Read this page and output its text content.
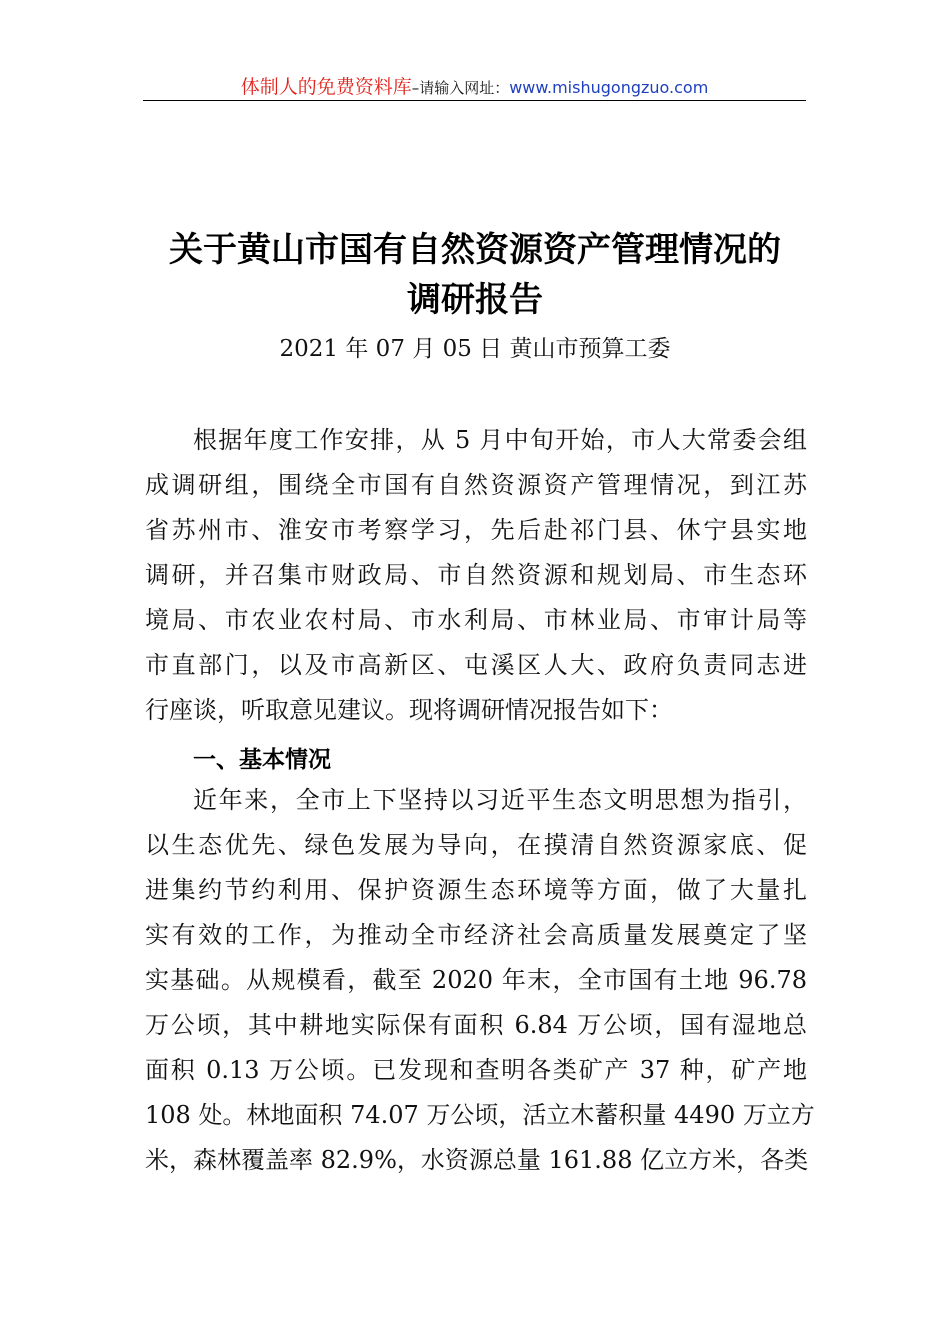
体制人的免费资料库–请输入网址：www.mishugongzuo.com
关于黄山市国有自然资源资产管理情况的
调研报告
2021 年 07 月 05 日 黄山市预算工委
根据年度工作安排，从 5 月中旬开始，市人大常委会组
成调研组，围绕全市国有自然资源资产管理情况，到江苏
省苏州市、淮安市考察学习，先后赴祁门县、休宁县实地
调研，并召集市财政局、市自然资源和规划局、市生态环
境局、市农业农村局、市水利局、市林业局、市审计局等
市直部门，以及市高新区、屯溪区人大、政府负责同志进
行座谈，听取意见建议。现将调研情况报告如下：
一、基本情况
近年来，全市上下坚持以习近平生态文明思想为指引，
以生态优先、绿色发展为导向，在摸清自然资源家底、促
进集约节约利用、保护资源生态环境等方面，做了大量扎
实有效的工作，为推动全市经济社会高质量发展奠定了坚
实基础。从规模看，截至 2020 年末，全市国有土地 96.78
万公顷，其中耕地实际保有面积 6.84 万公顷，国有湿地总
面积 0.13 万公顷。已发现和查明各类矿产 37 种，矿产地
108 处。林地面积 74.07 万公顷，活立木蓄积量 4490 万立方
米，森林覆盖率 82.9%，水资源总量 161.88 亿立方米，各类
